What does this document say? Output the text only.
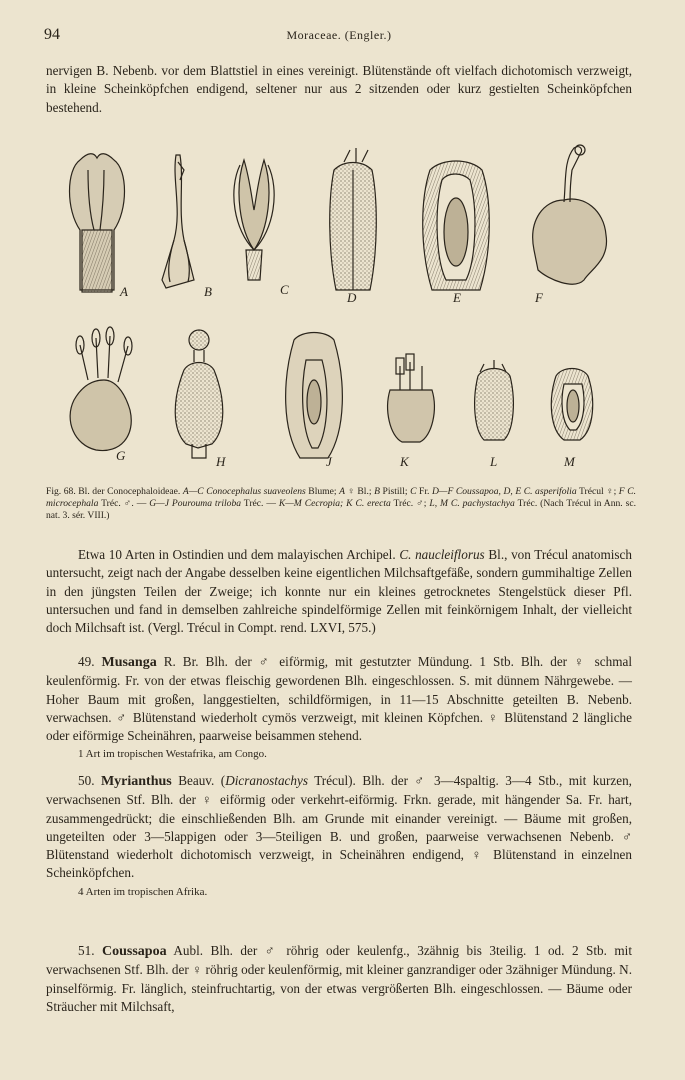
94	Moraceae. (Engler.)

nervigen B. Nebenb. vor dem Blattstiel in eines vereinigt. Blütenstände oft vielfach dichotomisch verzweigt, in kleine Scheinköpfchen endigend, seltener nur aus 2 sitzenden oder kurz gestielten Scheinköpfchen bestehend.

A	B	C
D	E	F
G	H	J	K	L	M
Fig. 68. Bl. der Conocephaloideae. A—C Conocephalus suaveolens Blume; A ♀ Bl.; B Pistill; C Fr. D—F Coussapoa, D, E C. asperifolia Trécul ♀; F C. microcephala Tréc. ♂. — G—J Pourouma triloba Tréc. — K—M Cecropia; K C. erecta Tréc. ♂; L, M C. pachystachya Tréc. (Nach Trécul in Ann. sc. nat. 3. sér. VIII.)
Etwa 10 Arten in Ostindien und dem malayischen Archipel. C. naucleiflorus Bl., von Trécul anatomisch untersucht, zeigt nach der Angabe desselben keine eigentlichen Milchsaftgefäße, sondern gummihaltige Zellen in den jüngsten Teilen der Zweige; ich konnte nur ein kleines getrocknetes Stengelstück dieser Pfl. untersuchen und fand in demselben zahlreiche spindelförmige Zellen mit feinkörnigem Inhalt, der vielleicht doch Milchsaft ist. (Vergl. Trécul in Compt. rend. LXVI, 575.)

49. Musanga R. Br. Blh. der ♂ eiförmig, mit gestutzter Mündung. 1 Stb. Blh. der ♀ schmal keulenförmig. Fr. von der etwas fleischig gewordenen Blh. eingeschlossen. S. mit dünnem Nährgewebe. — Hoher Baum mit großen, langgestielten, schildförmigen, in 11—15 Abschnitte geteilten B. Nebenb. verwachsen. ♂ Blütenstand wiederholt cymös verzweigt, mit kleinen Köpfchen. ♀ Blütenstand 2 längliche oder eiförmige Scheinähren, paarweise beisammen stehend.

1 Art im tropischen Westafrika, am Congo.

50. Myrianthus Beauv. (Dicranostachys Trécul). Blh. der ♂ 3—4spaltig. 3—4 Stb., mit kurzen, verwachsenen Stf. Blh. der ♀ eiförmig oder verkehrt-eiförmig. Frkn. gerade, mit hängender Sa. Fr. hart, zusammengedrückt; die einschließenden Blh. am Grunde mit einander vereinigt. — Bäume mit großen, ungeteilten oder 3—5lappigen oder 3—5teiligen B. und großen, paarweise verwachsenen Nebenb. ♂ Blütenstand wiederholt dichotomisch verzweigt, in Scheinähren endigend, ♀ Blütenstand in einzelnen Scheinköpfchen.

4 Arten im tropischen Afrika.

51. Coussapoa Aubl. Blh. der ♂ röhrig oder keulenfg., 3zähnig bis 3teilig. 1 od. 2 Stb. mit verwachsenen Stf. Blh. der ♀ röhrig oder keulenförmig, mit kleiner ganzrandiger oder 3zähniger Mündung. N. pinselförmig. Fr. länglich, steinfruchtartig, von der etwas vergrößerten Blh. eingeschlossen. — Bäume oder Sträucher mit Milchsaft,
